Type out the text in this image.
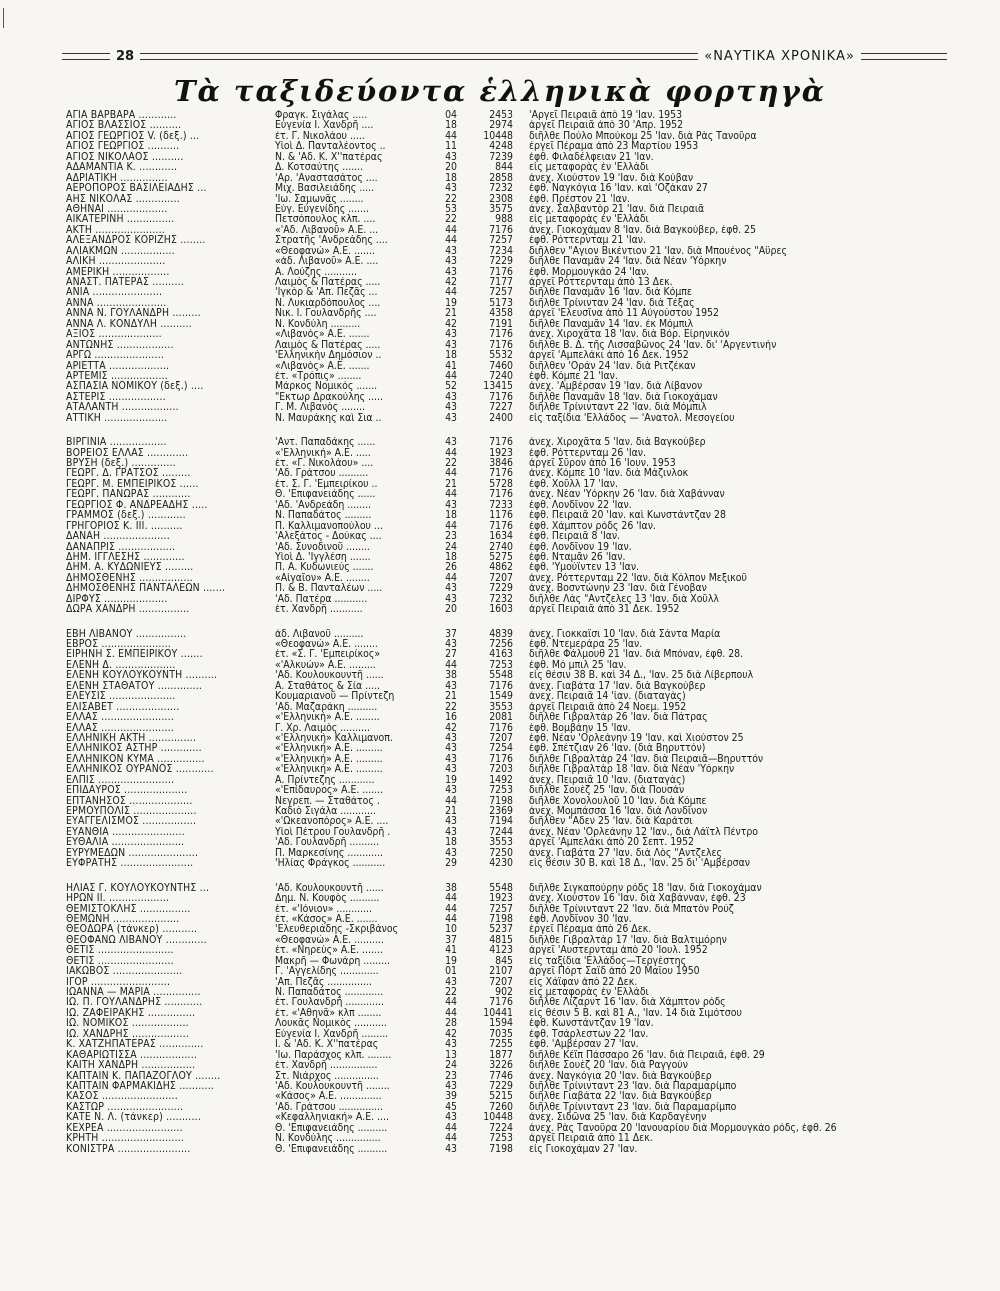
28	«ΝΑΥΤΙΚΑ ΧΡΟΝΙΚΑ»
Τὰ ταξιδεύοντα ἑλληνικὰ φορτηγὰ
ΑΓΙΑ ΒΑΡΒΑΡΑ ............	Φραγκ. Σιγάλας .....	04	2453	'Αργεῖ Πειραιᾶ ἀπὸ 19 'Ιαν. 1953
ΑΓΙΟΣ ΒΛΑΣΣΙΟΣ ..........	Εὐγενία Ι. Χανδρῆ ....	18	2974	ἀργεῖ Πειραιᾶ ἀπὸ 30 'Απρ. 1952
ΑΓΙΟΣ ΓΕΩΡΓΙΟΣ V. (δεξ.) ...	ἐτ. Γ. Νικολάου .....	44	10448	διῆλθε Πούλο Μπούκομ 25 'Ιαν. διὰ Ρὰς Τανοῦρα
ΑΓΙΟΣ ΓΕΩΡΓΙΟΣ ..........	Υἱοὶ Δ. Πανταλέοντος ..	11	4248	ἐργεῖ Πέραμα ἀπὸ 23 Μαρτίου 1953
ΑΓΙΟΣ ΝΙΚΟΛΑΟΣ ..........	Ν. & 'Αδ. Κ. Χ''πατέρας	43	7239	ἐφθ. Φιλαδέλφειαν 21 'Ιαν.
ΑΔΑΜΑΝΤΙΑ Κ. ............	Δ. Κοτσαύτης .......	20	844	εἰς μεταφορὰς ἐν 'Ελλάδι
ΑΔΡΙΑΤΙΚΗ ...............	'Αρ. 'Αναστασάτος ....	18	2858	ἀνεχ. Χιούστον 19 'Ιαν. διὰ Κούβαν
ΑΕΡΟΠΟΡΟΣ ΒΑΣΙΛΕΙΑΔΗΣ ...	Μιχ. Βασιλειάδης .....	43	7232	ἐφθ. Ναγκόγια 16 'Ιαν. καὶ 'Οζάκαν 27
ΑΗΣ ΝΙΚΟΛΑΣ ..............	'Ιω. Σαμωνᾶς ........	22	2308	ἐφθ. Πρέστον 21 'Ιαν.
ΑΘΗΝΑΙ ...................	Εὐγ. Εὐγενίδης .......	53	3575	ἀνεχ. Σαλβαντὸρ 21 'Ιαν. διὰ Πειραιᾶ
ΑΙΚΑΤΕΡΙΝΗ ...............	Πετσόπουλος κλπ. ....	22	988	εἰς μεταφορὰς ἐν 'Ελλάδι
ΑΚΤΗ ......................	«'Αδ. Λιβανοῦ» Α.Ε. ...	44	7176	ἀνεχ. Γιοκοχάμαν 8 'Ιαν. διὰ Βαγκούβερ, ἐφθ. 25
ΑΛΕΞΑΝΔΡΟΣ ΚΟΡΙΖΗΣ ........	Στρατῆς 'Ανδρεάδης ....	44	7257	ἐφθ. Ρόττερνταμ 21 'Ιαν.
ΑΛΙΑΚΜΩΝ .................	«Θεοφανώ» Α.Ε. .......	43	7234	διῆλθεν "Αγιον Βικέντιον 21 'Ιαν. διὰ Μπουένος "Αϋρες
ΑΛΙΚΗ .....................	«ἀδ. Λιβανοῦ» Α.Ε. ....	43	7229	διῆλθε Παναμᾶν 24 'Ιαν. διὰ Νέαν 'Υόρκην
ΑΜΕΡΙΚΗ ..................	Α. Λούζης ...........	43	7176	ἐφθ. Μορμουγκάο 24 'Ιαν.
ΑΝΑΣΤ. ΠΑΤΕΡΑΣ ..........	Λαιμὸς & Πατέρας .....	42	7177	ἀργεῖ Ρόττερνταμ ἀπὸ 13 Δεκ.
ΑΝΙΑ ......................	'Ιγκὸρ & 'Απ. Πεζᾶς ...	44	7257	διῆλθε Παναμᾶν 16 'Ιαν. διὰ Κόμπε
ΑΝΝΑ ......................	Ν. Λυκιαρδόπουλος ....	19	5173	διῆλθε Τρίνινταν 24 'Ιαν. διὰ Τέξας
ΑΝΝΑ Ν. ΓΟΥΛΑΝΔΡΗ .........	Νικ. Ι. Γουλανδρῆς ....	21	4358	ἀργεῖ 'Ελευσῖνα ἀπὸ 11 Αὐγούστου 1952
ΑΝΝΑ Λ. ΚΟΝΔΥΛΗ ..........	Ν. Κονδύλη ..........	42	7191	διῆλθε Παναμᾶν 14 'Ιαν. ἐκ Μόμπιλ
ΑΞΙΟΣ ....................	«Λιβανός» Α.Ε. .......	43	7176	ἀνεχ. Χιροχᾶτα 18 'Ιαν. διὰ Βόρ. Εἰρηνικόν
ΑΝΤΩΝΗΣ ..................	Λαιμὸς & Πατέρας .....	43	7176	διῆλθε Β. Δ. τῆς Λισσαβῶνος 24 'Ιαν. δι' 'Αργεντινὴν
ΑΡΓΩ ......................	'Ελληνικὴν Δημόσιον ..	18	5532	ἀργεῖ 'Αμπελάκι ἀπὸ 16 Δεκ. 1952
ΑΡΙΕΤΤΑ ...................	«Λιβανὸς» Α.Ε. .......	41	7460	διῆλθεν 'Οράν 24 'Ιαν. διὰ Ριτζέκαν
ΑΡΤΕΜΙΣ ..................	ἐτ. «Τρόπις» ........	44	7240	ἐφθ. Κόμπε 21 'Ιαν.
ΑΣΠΑΣΙΑ ΝΟΜΙΚΟΥ (δεξ.) ....	Μάρκος Νομικός .......	52	13415	ἀνεχ. 'Αμβέρσαν 19 'Ιαν. διὰ Λίβανον
ΑΣΤΕΡΙΣ ..................	"Εκτωρ Δρακούλης .....	43	7176	διῆλθε Παναμᾶν 18 'Ιαν. διὰ Γιοκοχάμαν
ΑΤΑΛΑΝΤΗ ..................	Γ. Μ. Λιβανὸς ........	43	7227	διῆλθε Τρίνινταντ 22 'Ιαν. διὰ Μόμπιλ
ΑΤΤΙΚΗ ....................	Ν. Μαυράκης καὶ Σια ..	43	2400	εἰς ταξίδια 'Ελλάδος — 'Ανατολ. Μεσογείου
ΒΙΡΓΙΝΙΑ ..................	'Αντ. Παπαδάκης ......	43	7176	ἀνεχ. Χιροχᾶτα 5 'Ιαν. διὰ Βαγκούβερ
ΒΟΡΕΙΟΣ ΕΛΛΑΣ .............	«'Ελληνική» Α.Ε. .....	44	1923	ἐφθ. Ρόττερνταμ 26 'Ιαν.
ΒΡΥΣΗ (δεξ.) ..............	ἐτ. «Γ. Νικολάου» ....	22	3846	ἀργεῖ Σῦρον ἀπὸ 16 'Ιουν. 1953
ΓΕΩΡΓ. Δ. ΓΡΑΤΣΟΣ .........	'Αδ. Γράτσου ..........	44	7176	ἀνεχ. Κόμπε 10 'Ιαν. διὰ Μάζινλοκ
ΓΕΩΡΓ. Μ. ΕΜΠΕΙΡΙΚΟΣ ......	ἐτ. Σ. Γ. 'Εμπειρίκου ..	21	5728	ἐφθ. Χοῦλλ 17 'Ιαν.
ΓΕΩΡΓ. ΠΑΝΩΡΑΣ ............	Θ. 'Επιφανειάδης ......	44	7176	ἀνεχ. Νέαν 'Υόρκην 26 'Ιαν. διὰ Χαβάνναν
ΓΕΩΡΓΙΟΣ Φ. ΑΝΔΡΕΑΔΗΣ .....	'Αδ. 'Ανδρεάδη ........	43	7233	ἐφθ. Λονδῖνον 22 'Ιαν.
ΓΡΑΜΜΟΣ (δεξ.) ............	Ν. Παπαδάτος .........	18	1176	ἐφθ. Πειραιᾶ 20 'Ιαν. καὶ Κωνστάντζαν 28
ΓΡΗΓΟΡΙΟΣ Κ. ΙΙΙ. ..........	Π. Καλλιμανοπούλου ...	44	7176	ἐφθ. Χάμπτον ρόδς 26 'Ιαν.
ΔΑΝΑΗ .....................	'Αλεξάτος - Δούκας ....	23	1634	ἐφθ. Πειραιᾶ 8 'Ιαν.
ΔΑΝΑΠΡΙΣ ..................	'Αδ. Συνοδινοῦ ........	24	2740	ἐφθ. Λονδῖνον 19 'Ιαν.
ΔΗΜ. ΙΓΓΛΕΣΗΣ .............	Υἱοὶ Δ. 'Ιγγλέση .......	18	5275	ἐφθ. Νταμᾶν 26 'Ιαν.
ΔΗΜ. Α. ΚΥΔΩΝΙΕΥΣ .........	Π. Α. Κυδωνιεύς .......	26	4862	ἐφθ. 'Υμούϊντεν 13 'Ιαν.
ΔΗΜΟΣΘΕΝΗΣ .................	«Αἰγαῖον» Α.Ε. ........	44	7207	ἀνεχ. Ρόττερνταμ 22 'Ιαν. διὰ Κόλπον Μεξικοῦ
ΔΗΜΟΣΘΕΝΗΣ ΠΑΝΤΑΛΕΩΝ .......	Π. & Β. Πανταλέων .....	43	7229	ἀνεχ. Βοσντώνην 23 'Ιαν. διὰ Γένοβαν
ΔΙΡΦΥΣ ....................	'Αδ. Πατέρα ...........	43	7232	διῆλθε Λὰς "Αντζελες 13 'Ιαν. διὰ Χοῦλλ
ΔΩΡΑ ΧΑΝΔΡΗ ................	ἐτ. Χανδρῆ ...........	20	1603	ἀργεῖ Πειραιᾶ ἀπὸ 31 Δεκ. 1952
ΕΒΗ ΛΙΒΑΝΟΥ ................	ἀδ. Λιβανοῦ ..........	37	4839	ἀνεχ. Γιοκκαΐσι 10 'Ιαν. διὰ Σάντα Μαρία
ΕΒΡΟΣ ......................	«Θεοφανώ» Α.Ε. ........	43	7256	ἐφθ. Ντεμεράρα 25 'Ιαν.
ΕΙΡΗΝΗ Σ. ΕΜΠΕΙΡΙΚΟΥ .......	ἐτ. «Σ. Γ. 'Εμπειρίκος»	27	4163	διῆλθε Φάλμουθ 21 'Ιαν. διὰ Μπόναν, ἐφθ. 28.
ΕΛΕΝΗ Δ. ...................	«'Αλκυών» Α.Ε. .........	44	7253	ἐφθ. Μό μπιλ 25 'Ιαν.
ΕΛΕΝΗ ΚΟΥΛΟΥΚΟΥΝΤΗ ..........	'Αδ. Κουλουκουντῆ ......	38	5548	εἰς θέσιν 38 Β. καὶ 34 Δ., 'Ιαν. 25 διὰ Λίβερπουλ
ΕΛΕΝΗ ΣΤΑΘΑΤΟΥ ..............	Α. Σταθάτος & Σία .....	43	7176	ἀνεχ. Γιαβάτα 17 'Ιαν. διὰ Βαγκούβερ
ΕΛΕΥΣΙΣ .....................	Κουμαριανοῦ — Πρίντεζη	21	1549	ἀνεχ. Πειραιᾶ 14 'ἰαν. (διαταγὰς)
ΕΛΙΣΑΒΕΤ ....................	'Αδ. Μαζαράκη ..........	22	3553	ἀργεῖ Πειραιᾶ ἀπὸ 24 Νοεμ. 1952
ΕΛΛΑΣ .......................	«'Ελληνική» Α.Ε. ........	16	2081	διῆλθε Γιβραλτὰρ 26 'Ιαν. διὰ Πάτρας
ΕΛΛΑΣ .......................	Γ. Χρ. Λαιμὸς ..........	42	7176	ἐφθ. Βομβάην 15 'Ιαν.
ΕΛΛΗΝΙΚΗ ΑΚΤΗ ...............	«'Ελληνική» Καλλιμανοπ.	43	7207	ἐφθ. Νέαν 'Ορλεάνην 19 'Ιαν. καὶ Χιούστον 25
ΕΛΛΗΝΙΚΟΣ ΑΣΤΗΡ .............	«'Ελληνική» Α.Ε. .........	43	7254	ἐφθ. Σπέτζιαν 26 'Ιαν. (διὰ Βηρυττόν)
ΕΛΛΗΝΙΚΟΝ ΚΥΜΑ ...............	«'Ελληνική» Α.Ε. .........	43	7176	διῆλθε Γιβραλτὰρ 24 'Ιαν. διὰ Πειραιᾶ—Βηρυττόν
ΕΛΛΗΝΙΚΟΣ ΟΥΡΑΝΟΣ ............	«'Ελληνική» Α.Ε. .........	43	7203	διῆλθε Γιβραλτὰρ 18 'Ιαν. διὰ Νέαν 'Υόρκην
ΕΛΠΙΣ ........................	Α. Πρίντεζης ............	19	1492	ἀνεχ. Πειραιᾶ 10 'Ιαν. (διαταγὰς)
ΕΠΙΔΑΥΡΟΣ ....................	«'Επίδαυρος» Α.Ε. .......	43	7253	διῆλθε Σουὲζ 25 'Ιαν. διὰ Πουσάν
ΕΠΤΑΝΗΣΟΣ ....................	Νεγρεπ. — Σταθάτος .	44	7198	διῆλθε Χονολουλοῦ 10 'Ιαν. διὰ Κόμπε
ΕΡΜΟΥΠΟΛΙΣ ....................	Καδιὸ Σιγάλα ............	21	2369	ἀνεχ. Μομπάσσα 16 'Ιαν. διὰ Λονδῖνον
ΕΥΑΓΓΕΛΙΣΜΟΣ .................	«'Ωκεανοπόρος» Α.Ε. ....	43	7194	διῆλθεν "Αδεν 25 'Ιαν. διὰ Καράτσι
ΕΥΑΝΘΙΑ .......................	Υἱοὶ Πέτρου Γουλανδρῆ .	43	7244	ἀνεχ. Νέαν 'Ορλεάνην 12 'Ιαν., διὰ Λάϊτλ Πέντρο
ΕΥΘΑΛΙΑ .......................	'Αδ. Γουλανδρῆ ..........	18	3553	ἀργεῖ 'Αμπελάκι ἀπὸ 20 Σεπτ. 1952
ΕΥΡΥΜΕΔΩΝ ......................	Π. Μαρκεσίνης ............	43	7250	ἀνεχ. Γιαβάτα 27 'Ιαν. διὰ Λὸς "Αντζελες
ΕΥΦΡΑΤΗΣ .......................	'Ηλίας Φράγκος ...........	29	4230	εἰς θέσιν 30 Β. καὶ 18 Δ., 'Ιαν. 25 δι' 'Αμβέρσαν
ΗΛΙΑΣ Γ. ΚΟΥΛΟΥΚΟΥΝΤΗΣ ...	'Αδ. Κουλουκουντῆ ......	38	5548	διῆλθε Σιγκαπούρην ρόδς 18 'Ιαν. διὰ Γιοκοχάμαν
ΗΡΩΝ ΙΙ. ...................	Δημ. Ν. Κουφὸς ..........	44	1923	ἀνεχ. Χιούστον 16 'Ιαν. διὰ Χαβάνναν, ἐφθ. 23
ΘΕΜΙΣΤΟΚΛΗΣ ................	ἐτ. «'Ιόνιον» ............	44	7257	διῆλθε Τρίνινταντ 22 'Ιαν. διὰ Μπατὸν Ρούζ
ΘΕΜΩΝΗ .....................	ἐτ. «Κάσος» Α.Ε. .......	44	7198	ἐφθ. Λονδῖνον 30 'Ιαν.
ΘΕΟΔΩΡΑ (τάνκερ) ...........	'Ελευθεριάδης -Σκριβάνος	10	5237	ἐργεῖ Πέραμα ἀπὸ 26 Δεκ.
ΘΕΟΦΑΝΩ ΛΙΒΑΝΟΥ .............	«Θεοφανώ» Α.Ε. ..........	37	4815	διῆλθε Γιβραλτὰρ 17 'Ιαν. διὰ Βαλτιμόρην
ΘΕΤΙΣ ........................	ἐτ. «Νηρεὺς» Α.Ε. .......	41	4123	ἀργεῖ 'Αυστερνταμ ἀπὸ 20 'Ιουλ. 1952
ΘΕΤΙΣ ........................	Μακρῆ — Φωνάρη .........	19	845	εἰς ταξίδια 'Ελλάδος—Τεργέστης
ΙΑΚΩΒΟΣ ......................	Γ. 'Αγγελίδης .............	01	2107	ἀργεῖ Πόρτ Σαΐδ ἀπὸ 20 Μαΐου 1950
ΙΓΟΡ .........................	'Απ. Πεζᾶς ...............	43	7207	εἰς Χάϊφαν ἀπὸ 22 Δεκ.
ΙΩΑΝΝΑ — ΜΑΡΙΑ ...............	Ν. Παπαδάτος .............	22	902	εἰς μεταφορὰς ἐν 'Ελλάδι
ΙΩ. Π. ΓΟΥΛΑΝΔΡΗΣ ............	ἐτ. Γουλανδρῆ .............	44	7176	διῆλθε Λίζαρντ 16 'Ιαν. διὰ Χάμπτον ρόδς
ΙΩ. ΖΑΦΕΙΡΑΚΗΣ ...............	ἐτ. «'Αθηνᾶ» κλπ ........	44	10441	εἰς θέσιν 5 Β. καὶ 81 Α., 'Ιαν. 14 διὰ Σιμότσου
ΙΩ. ΝΟΜΙΚΟΣ ..................	Λουκᾶς Νομικὸς ...........	28	1594	ἐφθ. Κωνστάντζαν 19 'Ιαν.
ΙΩ. ΧΑΝΔΡΗΣ ..................	Εὐγενία Ι. Χανδρῆ .........	42	7035	ἐφθ. Τσάρλεστων 22 'Ιαν.
Κ. ΧΑΤΖΗΠΑΤΕΡΑΣ ..............	Ι. & 'Αδ. Κ. Χ''πατέρας	43	7255	ἐφθ. 'Αμβέρσαν 27 'Ιαν.
ΚΑΘΑΡΙΩΤΙΣΣΑ ..................	'Ιω. Παράσχος κλπ. ........	13	1877	διῆλθε Κέϊπ Πάσσαρο 26 'Ιαν. διὰ Πειραιᾶ, ἐφθ. 29
ΚΑΙΤΗ ΧΑΝΔΡΗ .................	ἐτ. Χανδρῆ ................	24	3226	διῆλθε Σουὲζ 20 'Ιαν. διὰ Ραγγούν
ΚΑΠΤΑΙΝ Κ. ΠΑΠΑΖΟΓΛΟΥ ........	Στ. Νιάρχος ...............	23	7746	ἀνεχ. Ναγκόγια 20 'Ιαν. διὰ Βαγκούβερ
ΚΑΠΤΑΙΝ ΦΑΡΜΑΚΙΔΗΣ ...........	'Αδ. Κουλουκουντῆ ........	43	7229	διῆλθε Τρίνινταντ 23 'Ιαν. διὰ Παραμαρίμπο
ΚΑΣΟΣ ........................	«Κάσος» Α.Ε. ..............	39	5215	διῆλθε Γιαβάτα 22 'Ιαν. διὰ Βαγκούβερ
ΚΑΣΤΩΡ ........................	'Αδ. Γράτσου ...............	45	7260	διῆλθε Τρίνινταντ 23 'Ιαν. διὰ Παραμαρίμπο
ΚΑΤΕ Ν. Λ. (τάνκερ) ...........	«Κεφαλληνιακή» Α.Ε. ....	43	10448	ἀνεχ. Σιδῶνα 25 'Ιαν. διὰ Καρδαγένην
ΚΕΧΡΕΑ ........................	Θ. 'Επιφανειάδης ..........	44	7224	ἀνεχ. Ρὰς Τανοῦρα 20 'Ιανουαρίου διὰ Μορμουγκάο ρόδς, ἐφθ. 26
ΚΡΗΤΗ ..........................	Ν. Κονδύλης ...............	44	7253	ἀργεῖ Πειραιᾶ ἀπὸ 11 Δεκ.
ΚΟΝΙΣΤΡΑ .......................	Θ. 'Επιφανειάδης ..........	43	7198	εἰς Γιοκοχάμαν 27 'Ιαν.
